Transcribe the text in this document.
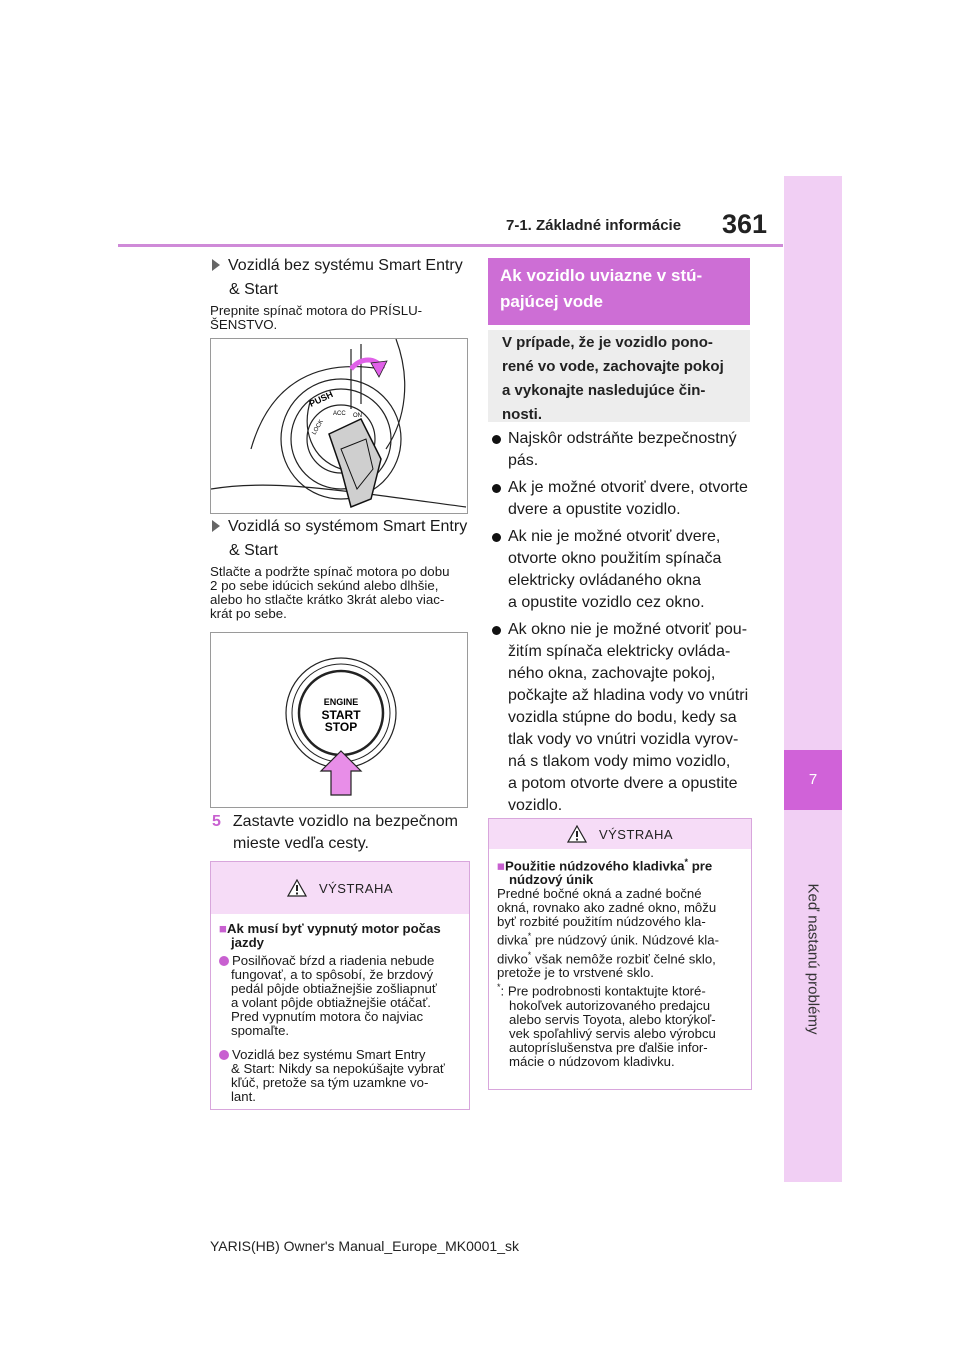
7-1. Základné informácie 361
7
Keď nastanú problémy
Vozidlá bez systému Smart Entry
& Start
Prepnite spínač motora do PRÍSLU-
ŠENSTVO.
PUSH
LOCK
ACC ON
Vozidlá so systémom Smart Entry
& Start
Stlačte a podržte spínač motora po dobu
2 po sebe idúcich sekúnd alebo dlhšie,
alebo ho stlačte krátko 3krát alebo viac-
krát po sebe.
ENGINE
START
STOP
5 Zastavte vozidlo na bezpečnom
mieste vedľa cesty.
VÝSTRAHA
■Ak musí byť vypnutý motor počas
jazdy
Posilňovač bŕzd a riadenia nebude
fungovať, a to spôsobí, že brzdový
pedál pôjde obtiažnejšie zošliapnuť
a volant pôjde obtiažnejšie otáčať.
Pred vypnutím motora čo najviac
spomaľte.
Vozidlá bez systému Smart Entry
& Start: Nikdy sa nepokúšajte vybrať
kľúč, pretože sa tým uzamkne vo-
lant.
Ak vozidlo uviazne v stú-
pajúcej vode
V prípade, že je vozidlo pono-
rené vo vode, zachovajte pokoj
a vykonajte nasledujúce čin-
nosti.
Najskôr odstráňte bezpečnostný
pás.
Ak je možné otvoriť dvere, otvorte
dvere a opustite vozidlo.
Ak nie je možné otvoriť dvere,
otvorte okno použitím spínača
elektricky ovládaného okna
a opustite vozidlo cez okno.
Ak okno nie je možné otvoriť pou-
žitím spínača elektricky ovláda-
ného okna, zachovajte pokoj,
počkajte až hladina vody vo vnútri
vozidla stúpne do bodu, kedy sa
tlak vody vo vnútri vozidla vyrov-
ná s tlakom vody mimo vozidlo,
a potom otvorte dvere a opustite
vozidlo.
VÝSTRAHA
■Použitie núdzového kladivka* pre
núdzový únik
Predné bočné okná a zadné bočné
okná, rovnako ako zadné okno, môžu
byť rozbité použitím núdzového kla-
divka* pre núdzový únik. Núdzové kla-
divko* však nemôže rozbiť čelné sklo,
pretože je to vrstvené sklo.
*: Pre podrobnosti kontaktujte ktoré-
hokoľvek autorizovaného predajcu
alebo servis Toyota, alebo ktorýkoľ-
vek spoľahlivý servis alebo výrobcu
autopríslušenstva pre ďalšie infor-
mácie o núdzovom kladivku.
YARIS(HB) Owner's Manual_Europe_MK0001_sk
